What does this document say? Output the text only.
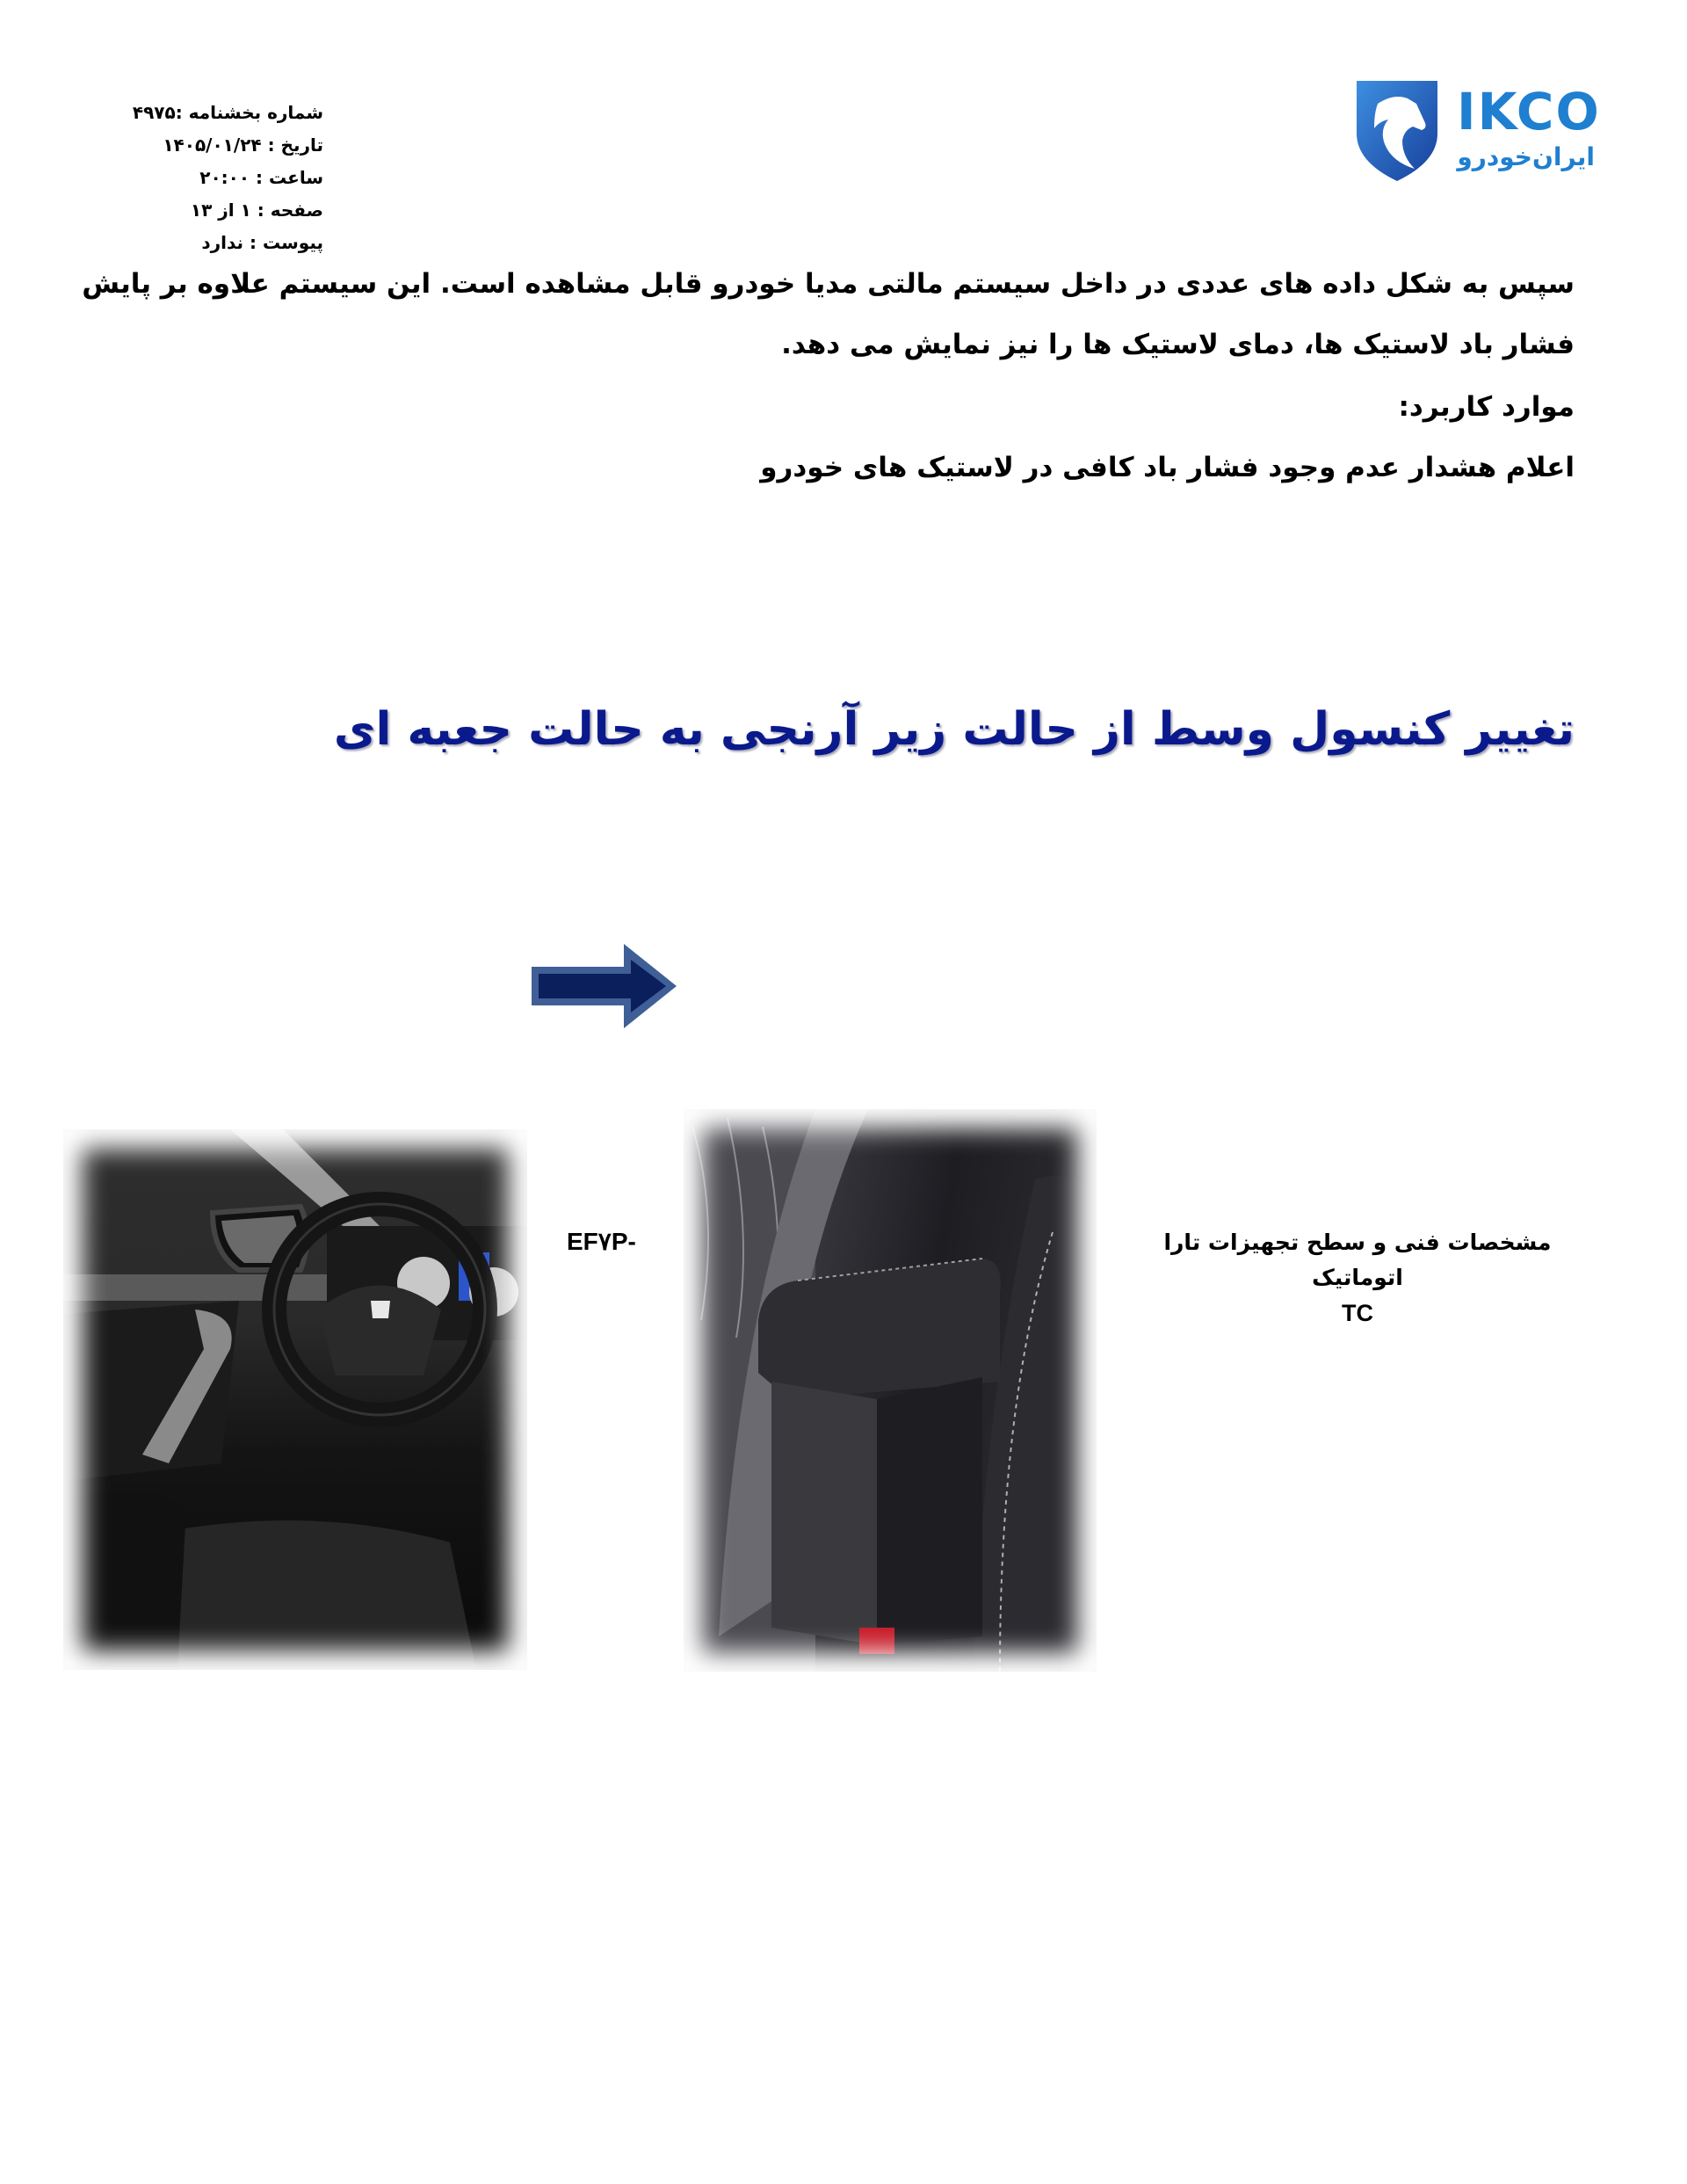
شماره بخشنامه :۴۹۷۵
تاریخ : ۱۴۰۵/۰۱/۲۴
ساعت : ۲۰:۰۰
صفحه : ۱ از ۱۳
پیوست : ندارد
IKCO
ایران‌خودرو
سپس به شکل داده های عددی در داخل سیستم مالتی مدیا خودرو قابل مشاهده است. این سیستم علاوه بر پایش
فشار باد لاستیک ها، دمای لاستیک ها را نیز نمایش می دهد.
موارد کاربرد:
اعلام هشدار عدم وجود فشار باد کافی در لاستیک های خودرو
تغییر کنسول وسط از حالت زیر آرنجی به حالت جعبه ای
EF۷P-	مشخصات فنی و سطح تجهیزات تارا اتوماتیک
TC
